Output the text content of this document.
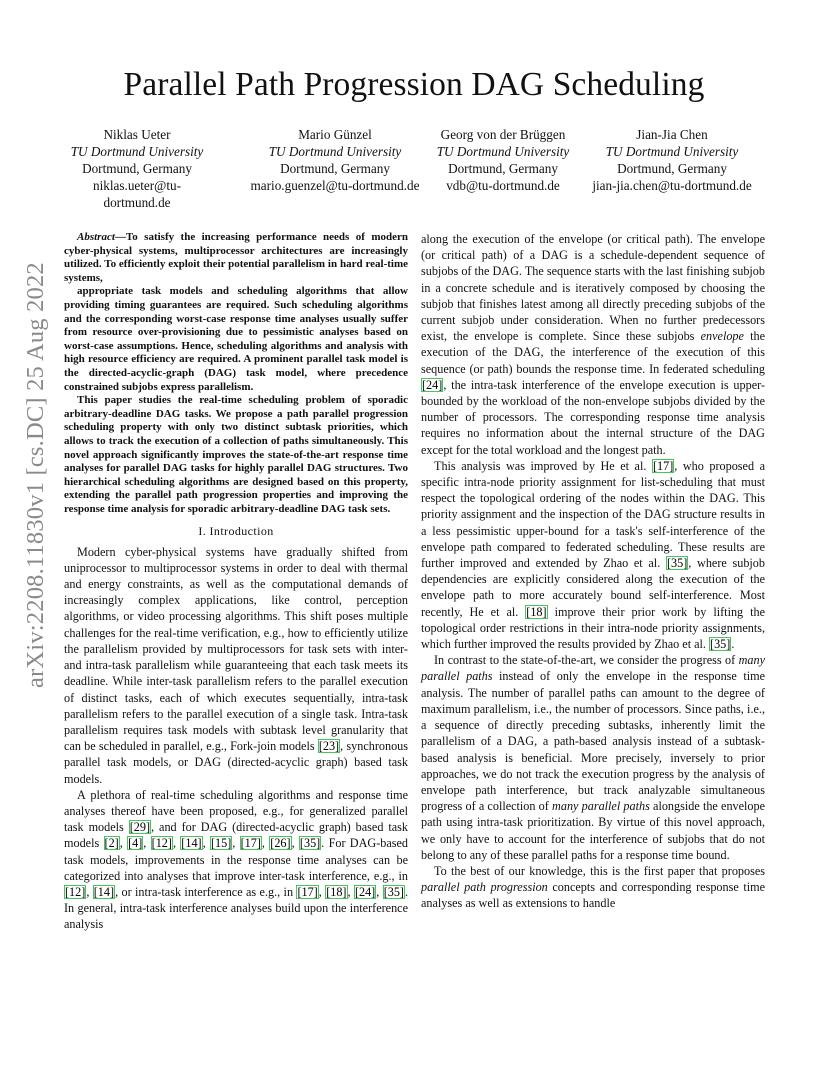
arXiv:2208.11830v1 [cs.DC] 25 Aug 2022
Parallel Path Progression DAG Scheduling
Niklas Ueter
TU Dortmund University
Dortmund, Germany
niklas.ueter@tu-dortmund.de
Mario Günzel
TU Dortmund University
Dortmund, Germany
mario.guenzel@tu-dortmund.de
Georg von der Brüggen
TU Dortmund University
Dortmund, Germany
vdb@tu-dortmund.de
Jian-Jia Chen
TU Dortmund University
Dortmund, Germany
jian-jia.chen@tu-dortmund.de

Abstract—To satisfy the increasing performance needs of modern cyber-physical systems, multiprocessor architectures are increasingly utilized. To efficiently exploit their potential parallelism in hard real-time systems,

appropriate task models and scheduling algorithms that allow providing timing guarantees are required. Such scheduling algorithms and the corresponding worst-case response time analyses usually suffer from resource over-provisioning due to pessimistic analyses based on worst-case assumptions. Hence, scheduling algorithms and analysis with high resource efficiency are required. A prominent parallel task model is the directed-acyclic-graph (DAG) task model, where precedence constrained subjobs express parallelism.

This paper studies the real-time scheduling problem of sporadic arbitrary-deadline DAG tasks. We propose a path parallel progression scheduling property with only two distinct subtask priorities, which allows to track the execution of a collection of paths simultaneously. This novel approach significantly improves the state-of-the-art response time analyses for parallel DAG tasks for highly parallel DAG structures. Two hierarchical scheduling algorithms are designed based on this property, extending the parallel path progression properties and improving the response time analysis for sporadic arbitrary-deadline DAG task sets.

I. Introduction

Modern cyber-physical systems have gradually shifted from uniprocessor to multiprocessor systems in order to deal with thermal and energy constraints, as well as the computational demands of increasingly complex applications, like control, perception algorithms, or video processing algorithms. This shift poses multiple challenges for the real-time verification, e.g., how to efficiently utilize the parallelism provided by multiprocessors for task sets with inter- and intra-task parallelism while guaranteeing that each task meets its deadline. While inter-task parallelism refers to the parallel execution of distinct tasks, each of which executes sequentially, intra-task parallelism refers to the parallel execution of a single task. Intra-task parallelism requires task models with subtask level granularity that can be scheduled in parallel, e.g., Fork-join models [23], synchronous parallel task models, or DAG (directed-acyclic graph) based task models.

A plethora of real-time scheduling algorithms and response time analyses thereof have been proposed, e.g., for generalized parallel task models [29], and for DAG (directed-acyclic graph) based task models [2], [4], [12], [14], [15], [17], [26], [35]. For DAG-based task models, improvements in the response time analyses can be categorized into analyses that improve inter-task interference, e.g., in [12], [14], or intra-task interference as e.g., in [17], [18], [24], [35]. In general, intra-task interference analyses build upon the interference analysis

along the execution of the envelope (or critical path). The envelope (or critical path) of a DAG is a schedule-dependent sequence of subjobs of the DAG. The sequence starts with the last finishing subjob in a concrete schedule and is iteratively composed by choosing the subjob that finishes latest among all directly preceding subjobs of the current subjob under consideration. When no further predecessors exist, the envelope is complete. Since these subjobs envelope the execution of the DAG, the interference of the execution of this sequence (or path) bounds the response time. In federated scheduling [24], the intra-task interference of the envelope execution is upper-bounded by the workload of the non-envelope subjobs divided by the number of processors. The corresponding response time analysis requires no information about the internal structure of the DAG except for the total workload and the longest path.

This analysis was improved by He et al. [17], who proposed a specific intra-node priority assignment for list-scheduling that must respect the topological ordering of the nodes within the DAG. This priority assignment and the inspection of the DAG structure results in a less pessimistic upper-bound for a task's self-interference of the envelope path compared to federated scheduling. These results are further improved and extended by Zhao et al. [35], where subjob dependencies are explicitly considered along the execution of the envelope path to more accurately bound self-interference. Most recently, He et al. [18] improve their prior work by lifting the topological order restrictions in their intra-node priority assignments, which further improved the results provided by Zhao et al. [35].

In contrast to the state-of-the-art, we consider the progress of many parallel paths instead of only the envelope in the response time analysis. The number of parallel paths can amount to the degree of maximum parallelism, i.e., the number of processors. Since paths, i.e., a sequence of directly preceding subtasks, inherently limit the parallelism of a DAG, a path-based analysis instead of a subtask-based analysis is beneficial. More precisely, inversely to prior approaches, we do not track the execution progress by the analysis of envelope path interference, but track analyzable simultaneous progress of a collection of many parallel paths alongside the envelope path using intra-task prioritization. By virtue of this novel approach, we only have to account for the interference of subjobs that do not belong to any of these parallel paths for a response time bound.

To the best of our knowledge, this is the first paper that proposes parallel path progression concepts and corresponding response time analyses as well as extensions to handle
